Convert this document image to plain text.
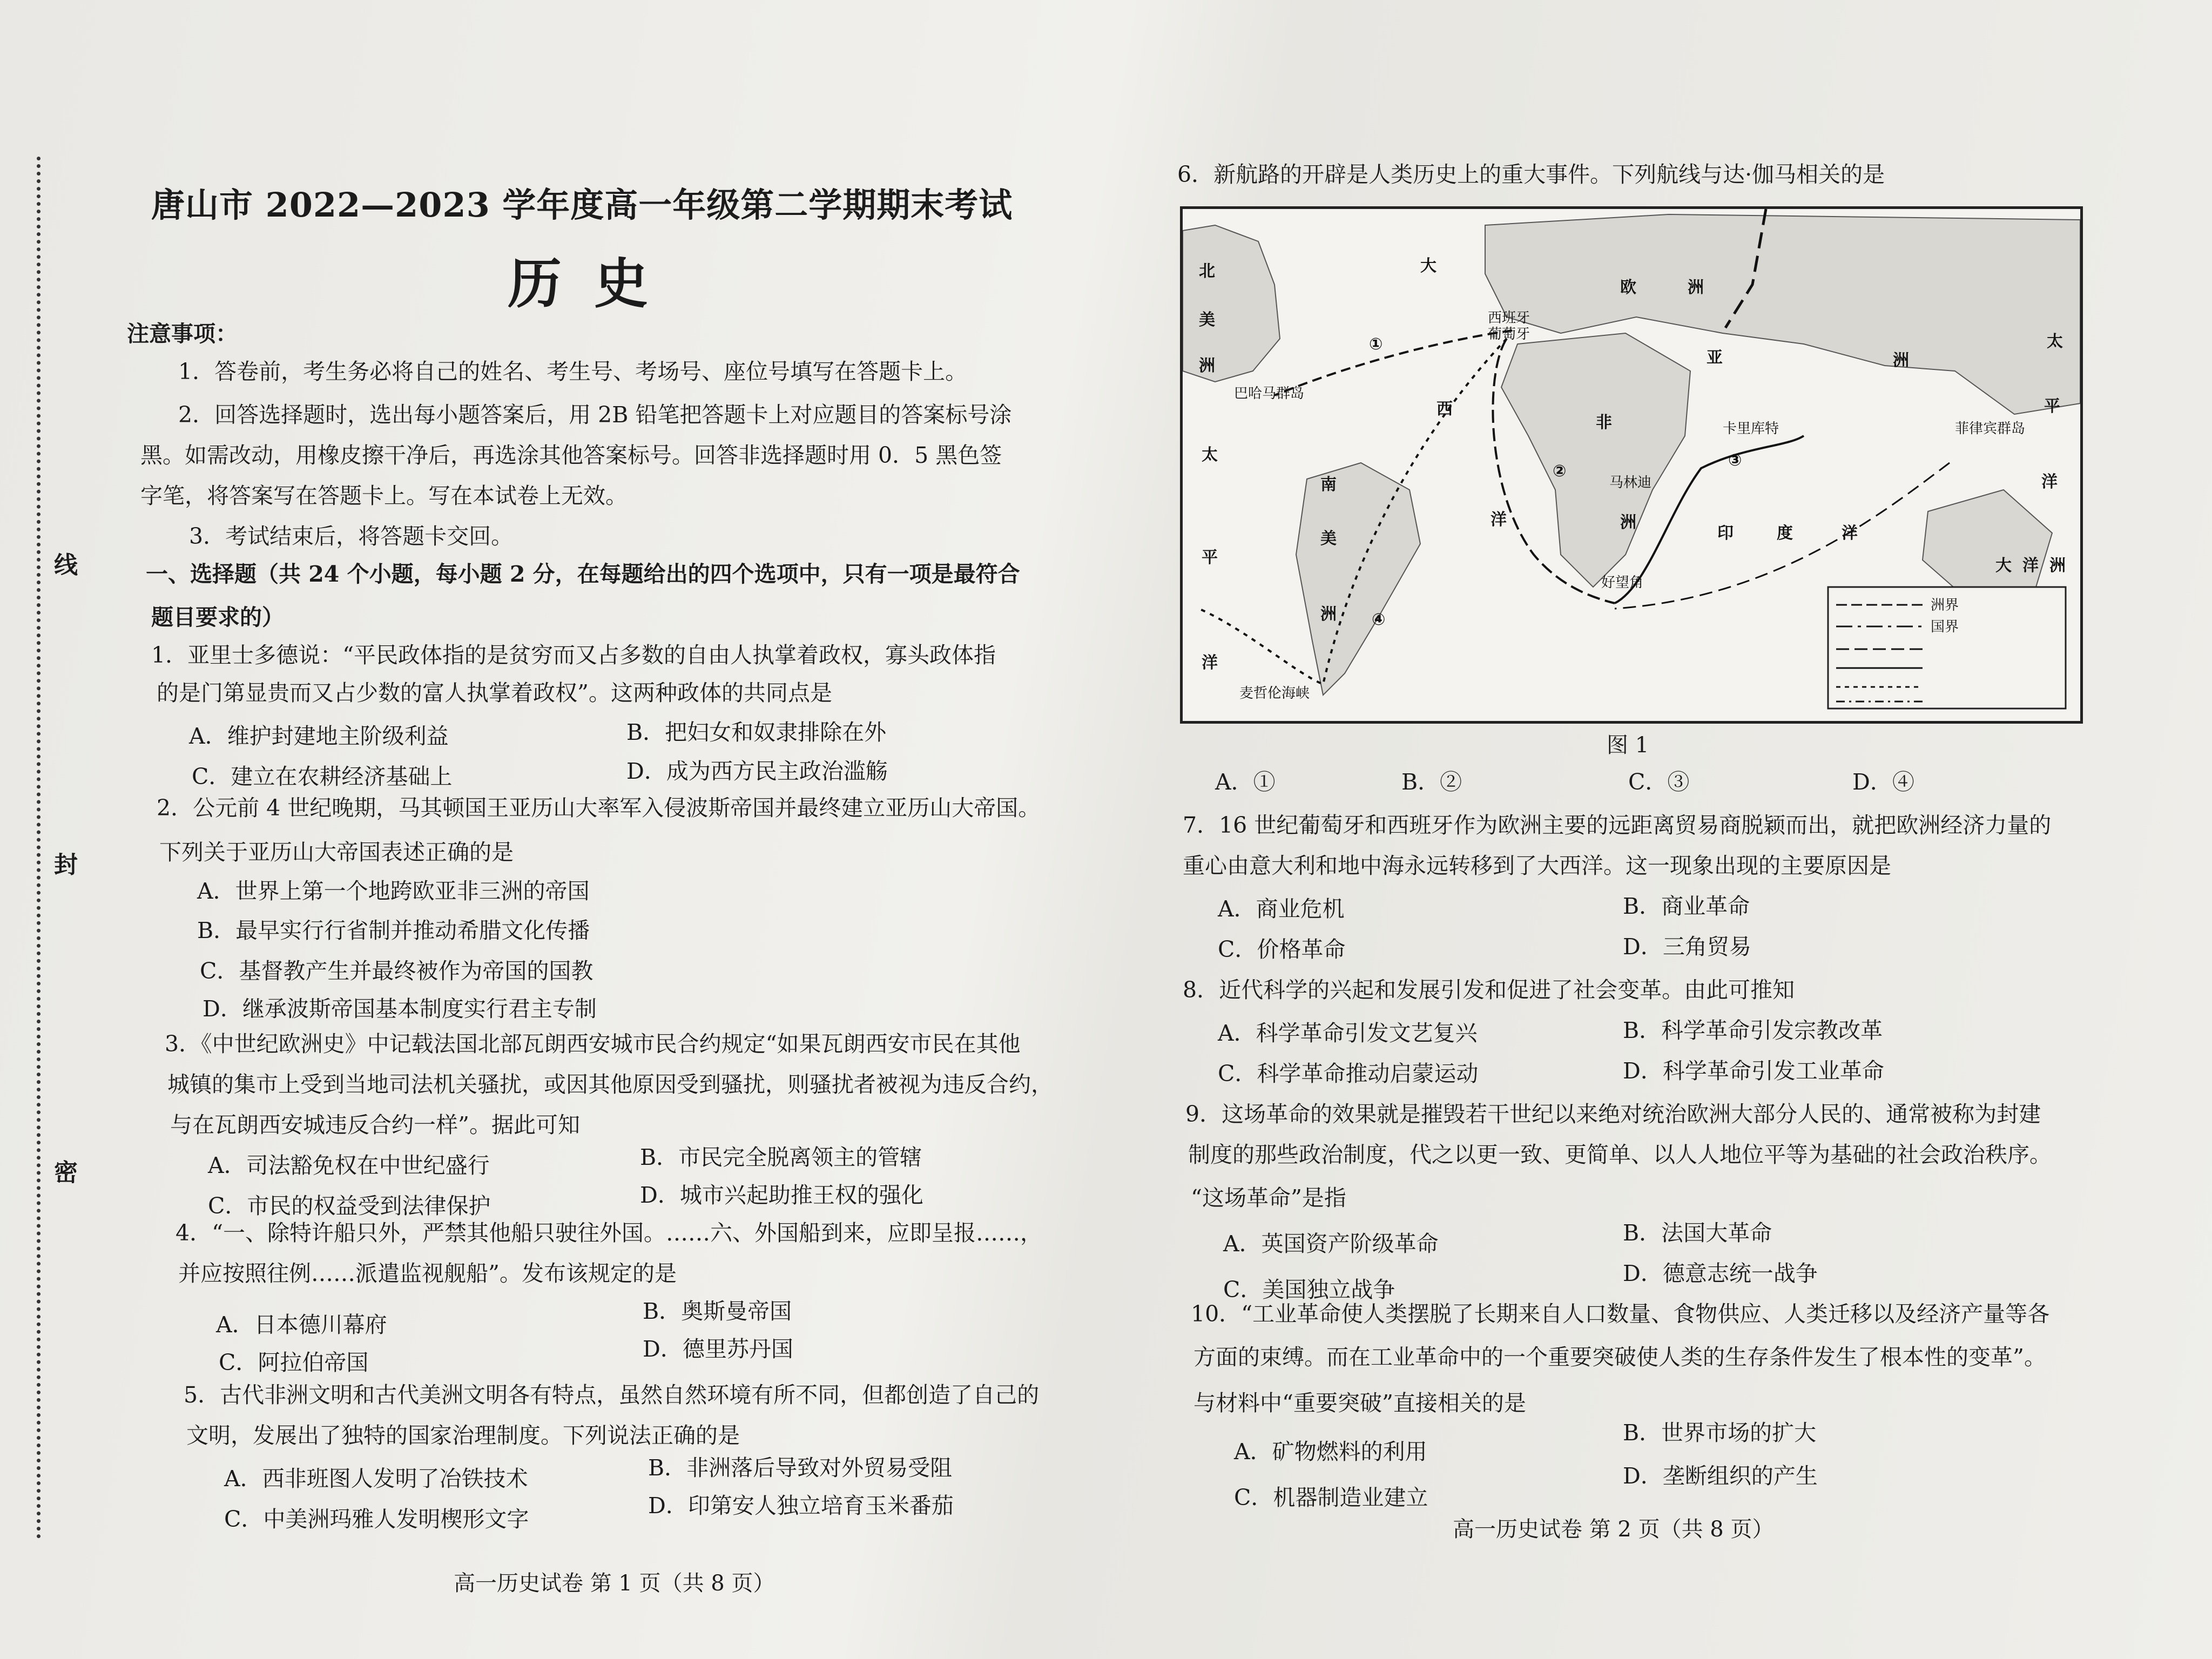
线
封
密
唐山市 2022—2023 学年度高一年级第二学期期末考试
历史
注意事项：
1．答卷前，考生务必将自己的姓名、考生号、考场号、座位号填写在答题卡上。
2．回答选择题时，选出每小题答案后，用 2B 铅笔把答题卡上对应题目的答案标号涂
黑。如需改动，用橡皮擦干净后，再选涂其他答案标号。回答非选择题时用 0．5 黑色签
字笔，将答案写在答题卡上。写在本试卷上无效。
3．考试结束后，将答题卡交回。
一、选择题（共 24 个小题，每小题 2 分，在每题给出的四个选项中，只有一项是最符合
题目要求的）
1．亚里士多德说：“平民政体指的是贫穷而又占多数的自由人执掌着政权，寡头政体指
的是门第显贵而又占少数的富人执掌着政权”。这两种政体的共同点是
A．维护封建地主阶级利益	B．把妇女和奴隶排除在外
C．建立在农耕经济基础上	D．成为西方民主政治滥觞
2．公元前 4 世纪晚期，马其顿国王亚历山大率军入侵波斯帝国并最终建立亚历山大帝国。
下列关于亚历山大帝国表述正确的是
A．世界上第一个地跨欧亚非三洲的帝国
B．最早实行行省制并推动希腊文化传播
C．基督教产生并最终被作为帝国的国教
D．继承波斯帝国基本制度实行君主专制
3．《中世纪欧洲史》中记载法国北部瓦朗西安城市民合约规定“如果瓦朗西安市民在其他
城镇的集市上受到当地司法机关骚扰，或因其他原因受到骚扰，则骚扰者被视为违反合约，
与在瓦朗西安城违反合约一样”。据此可知
A．司法豁免权在中世纪盛行	B．市民完全脱离领主的管辖
C．市民的权益受到法律保护	D．城市兴起助推王权的强化
4．“一、除特许船只外，严禁其他船只驶往外国。……六、外国船到来，应即呈报……，
并应按照往例……派遣监视舰船”。发布该规定的是
A．日本德川幕府
B．奥斯曼帝国
C．阿拉伯帝国
D．德里苏丹国
5．古代非洲文明和古代美洲文明各有特点，虽然自然环境有所不同，但都创造了自己的
文明，发展出了独特的国家治理制度。下列说法正确的是
A．西非班图人发明了冶铁技术	B．非洲落后导致对外贸易受阻
C．中美洲玛雅人发明楔形文字
D．印第安人独立培育玉米番茄
高一历史试卷 第 1 页（共 8 页）
6．新航路的开辟是人类历史上的重大事件。下列航线与达·伽马相关的是
北
美
洲
大
欧	洲
亚	洲
西班牙
葡萄牙
巴哈马群岛
西
非
洲
卡里库特
马林迪
南
美
洲
洋
印	度	洋
太
平
洋
太
平
洋
菲律宾群岛
大 洋 洲
好望角
麦哲伦海峡
①
②
③
④
洲界
国界
图 1
A．①	B．②	C．③	D．④
7．16 世纪葡萄牙和西班牙作为欧洲主要的远距离贸易商脱颖而出，就把欧洲经济力量的
重心由意大利和地中海永远转移到了大西洋。这一现象出现的主要原因是
A．商业危机	B．商业革命
C．价格革命	D．三角贸易
8．近代科学的兴起和发展引发和促进了社会变革。由此可推知
A．科学革命引发文艺复兴	B．科学革命引发宗教改革
C．科学革命推动启蒙运动	D．科学革命引发工业革命
9．这场革命的效果就是摧毁若干世纪以来绝对统治欧洲大部分人民的、通常被称为封建
制度的那些政治制度，代之以更一致、更简单、以人人地位平等为基础的社会政治秩序。
“这场革命”是指
A．英国资产阶级革命	B．法国大革命
C．美国独立战争
D．德意志统一战争
10．“工业革命使人类摆脱了长期来自人口数量、食物供应、人类迁移以及经济产量等各
方面的束缚。而在工业革命中的一个重要突破使人类的生存条件发生了根本性的变革”。
与材料中“重要突破”直接相关的是
A．矿物燃料的利用
B．世界市场的扩大
C．机器制造业建立
D．垄断组织的产生
高一历史试卷 第 2 页（共 8 页）
